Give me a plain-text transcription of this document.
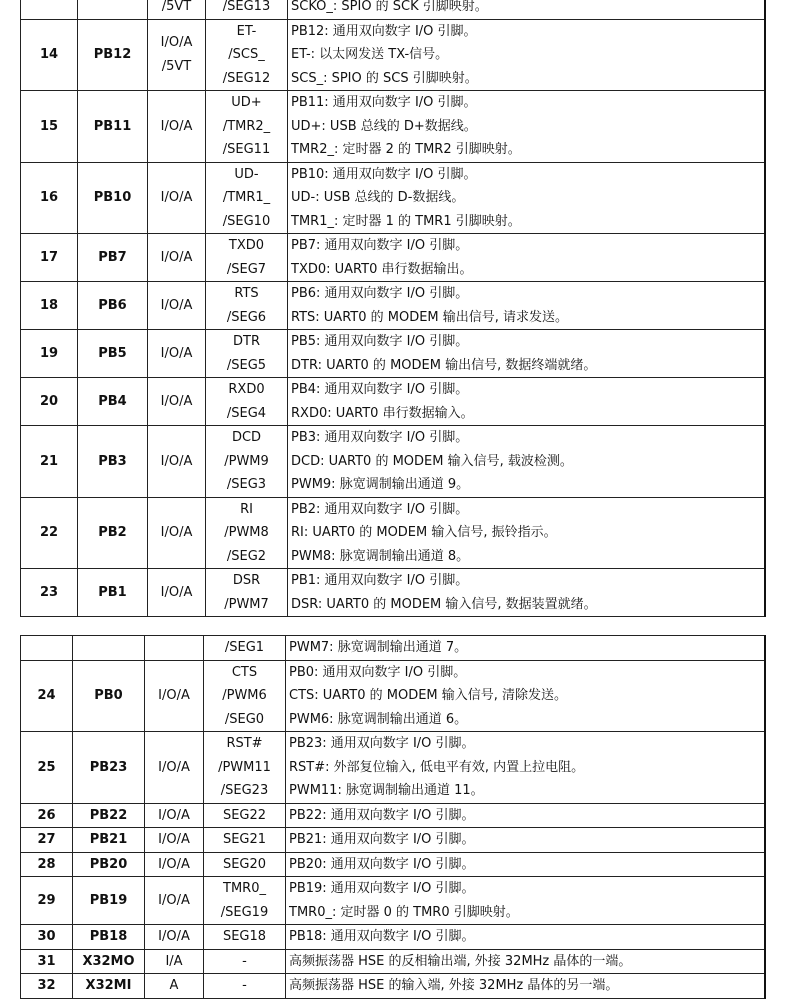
		/5VT	/SEG13	SCKO_: SPIO 的 SCK 引脚映射。

14	PB12	I/O/A
/5VT	ET-
/SCS_
/SEG12	PB12: 通用双向数字 I/O 引脚。
ET-: 以太网发送 TX-信号。
SCS_: SPIO 的 SCS 引脚映射。

15	PB11	I/O/A	UD+
/TMR2_
/SEG11	PB11: 通用双向数字 I/O 引脚。
UD+: USB 总线的 D+数据线。
TMR2_: 定时器 2 的 TMR2 引脚映射。

16	PB10	I/O/A	UD-
/TMR1_
/SEG10	PB10: 通用双向数字 I/O 引脚。
UD-: USB 总线的 D-数据线。
TMR1_: 定时器 1 的 TMR1 引脚映射。

17	PB7	I/O/A	TXD0
/SEG7	PB7: 通用双向数字 I/O 引脚。
TXD0: UART0 串行数据输出。

18	PB6	I/O/A	RTS
/SEG6	PB6: 通用双向数字 I/O 引脚。
RTS: UART0 的 MODEM 输出信号, 请求发送。

19	PB5	I/O/A	DTR
/SEG5	PB5: 通用双向数字 I/O 引脚。
DTR: UART0 的 MODEM 输出信号, 数据终端就绪。

20	PB4	I/O/A	RXD0
/SEG4	PB4: 通用双向数字 I/O 引脚。
RXD0: UART0 串行数据输入。

21	PB3	I/O/A	DCD
/PWM9
/SEG3	PB3: 通用双向数字 I/O 引脚。
DCD: UART0 的 MODEM 输入信号, 载波检测。
PWM9: 脉宽调制输出通道 9。

22	PB2	I/O/A	RI
/PWM8
/SEG2	PB2: 通用双向数字 I/O 引脚。
RI: UART0 的 MODEM 输入信号, 振铃指示。
PWM8: 脉宽调制输出通道 8。

23	PB1	I/O/A	DSR
/PWM7	PB1: 通用双向数字 I/O 引脚。
DSR: UART0 的 MODEM 输入信号, 数据装置就绪。

			/SEG1	PWM7: 脉宽调制输出通道 7。

24	PB0	I/O/A	CTS
/PWM6
/SEG0	PB0: 通用双向数字 I/O 引脚。
CTS: UART0 的 MODEM 输入信号, 清除发送。
PWM6: 脉宽调制输出通道 6。

25	PB23	I/O/A	RST#
/PWM11
/SEG23	PB23: 通用双向数字 I/O 引脚。
RST#: 外部复位输入, 低电平有效, 内置上拉电阻。
PWM11: 脉宽调制输出通道 11。

26	PB22	I/O/A	SEG22	PB22: 通用双向数字 I/O 引脚。

27	PB21	I/O/A	SEG21	PB21: 通用双向数字 I/O 引脚。

28	PB20	I/O/A	SEG20	PB20: 通用双向数字 I/O 引脚。

29	PB19	I/O/A	TMR0_
/SEG19	PB19: 通用双向数字 I/O 引脚。
TMR0_: 定时器 0 的 TMR0 引脚映射。

30	PB18	I/O/A	SEG18	PB18: 通用双向数字 I/O 引脚。

31	X32MO	I/A	-	高频振荡器 HSE 的反相输出端, 外接 32MHz 晶体的一端。

32	X32MI	A	-	高频振荡器 HSE 的输入端, 外接 32MHz 晶体的另一端。
